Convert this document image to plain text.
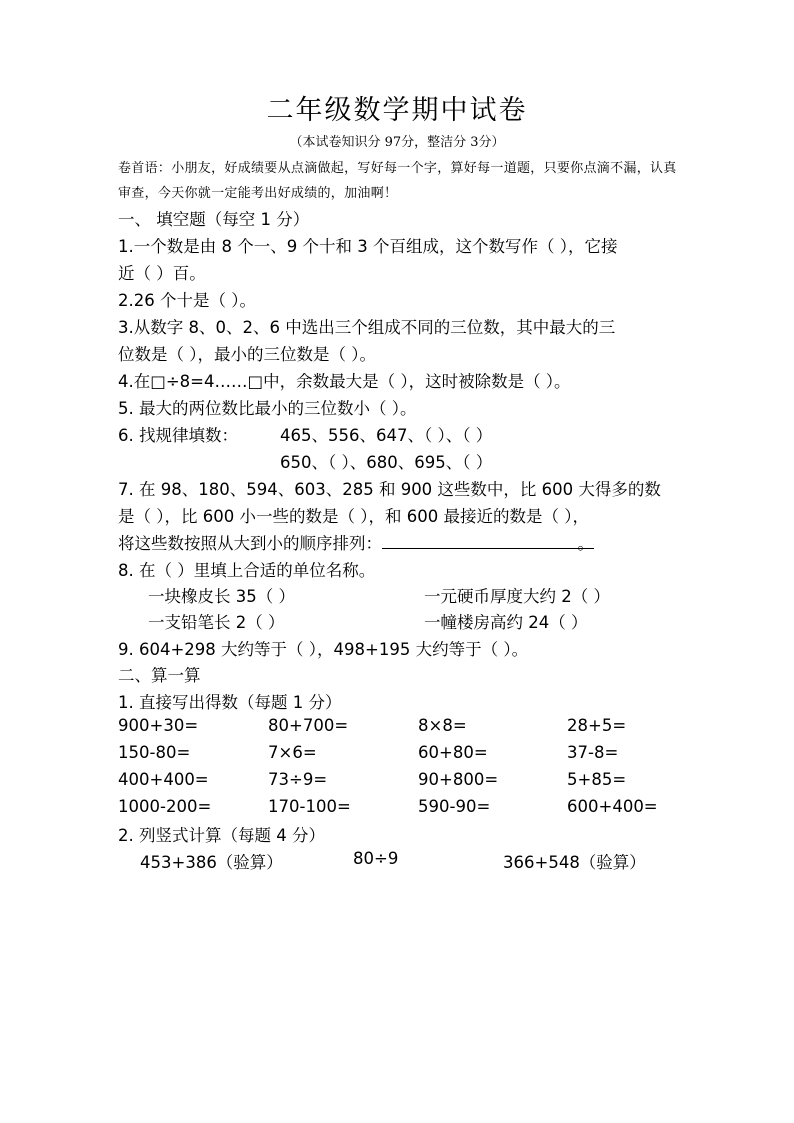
二年级数学期中试卷
（本试卷知识分 97分，整洁分 3分）
卷首语：小朋友，好成绩要从点滴做起，写好每一个字，算好每一道题，只要你点滴不漏，认真审查，今天你就一定能考出好成绩的，加油啊！
一、 填空题（每空 1 分）
1.一个数是由 8 个一、9 个十和 3 个百组成，这个数写作（ ），它接
近（ ）百。
2.26 个十是（ ）。
3.从数字 8、0、2、6 中选出三个组成不同的三位数，其中最大的三
位数是（ ），最小的三位数是（ ）。
4.在□÷8=4……□中，余数最大是（ ），这时被除数是（ ）。
5. 最大的两位数比最小的三位数小（ ）。
6. 找规律填数：	465、556、647、（ ）、（ ）
650、（ ）、680、695、（ ）
7. 在 98、180、594、603、285 和 900 这些数中，比 600 大得多的数
是（ ），比 600 小一些的数是（ ），和 600 最接近的数是（ ），
将这些数按照从大到小的顺序排列：	。
8. 在（ ）里填上合适的单位名称。
一块橡皮长 35（ ）	一元硬币厚度大约 2（ ）
一支铅笔长 2（ ）	一幢楼房高约 24（ ）
9. 604+298 大约等于（ ），498+195 大约等于（ ）。
二、算一算
1. 直接写出得数（每题 1 分）
900+30=	80+700=	8×8=	28+5=
150-80=	7×6=	60+80=	37-8=
400+400=	73÷9=	90+800=	5+85=
1000-200=	170-100=	590-90=	600+400=
2. 列竖式计算（每题 4 分）
453+386（验算）	80÷9	366+548（验算）
